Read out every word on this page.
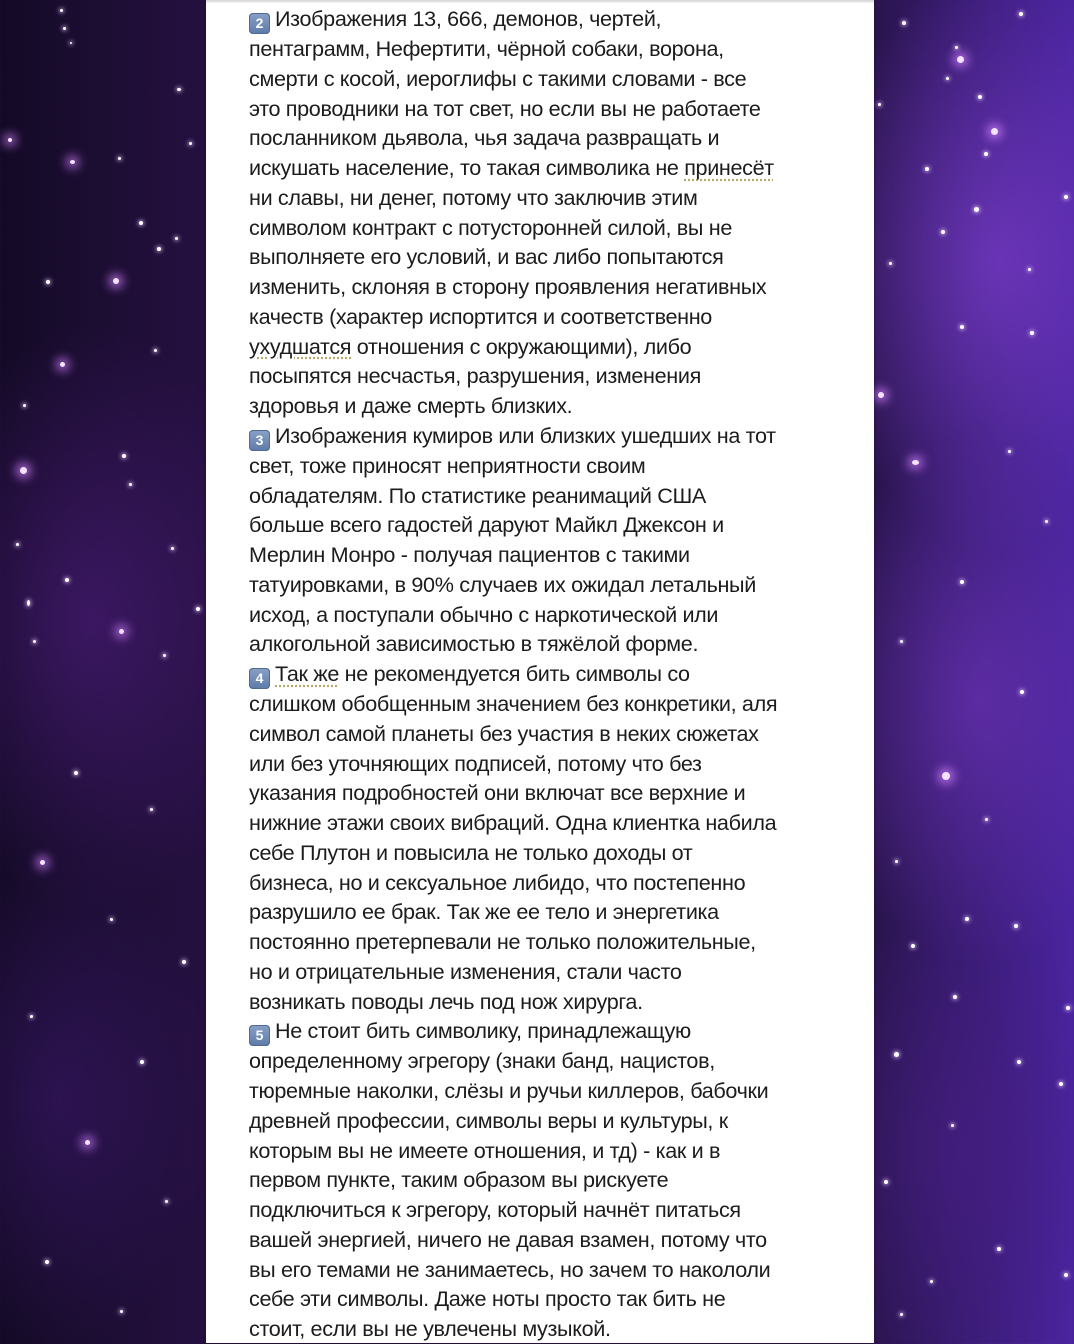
2 Изображения 13, 666, демонов, чертей,
пентаграмм, Нефертити, чёрной собаки, ворона,
смерти с косой, иероглифы с такими словами - все
это проводники на тот свет, но если вы не работаете
посланником дьявола, чья задача развращать и
искушать население, то такая символика не принесёт
ни славы, ни денег, потому что заключив этим
символом контракт с потусторонней силой, вы не
выполняете его условий, и вас либо попытаются
изменить, склоняя в сторону проявления негативных
качеств (характер испортится и соответственно
ухудшатся отношения с окружающими), либо
посыпятся несчастья, разрушения, изменения
здоровья и даже смерть близких.
3 Изображения кумиров или близких ушедших на тот
свет, тоже приносят неприятности своим
обладателям. По статистике реанимаций США
больше всего гадостей даруют Майкл Джексон и
Мерлин Монро - получая пациентов с такими
татуировками, в 90% случаев их ожидал летальный
исход, а поступали обычно с наркотической или
алкогольной зависимостью в тяжёлой форме.
4 Так же не рекомендуется бить символы со
слишком обобщенным значением без конкретики, аля
символ самой планеты без участия в неких сюжетах
или без уточняющих подписей, потому что без
указания подробностей они включат все верхние и
нижние этажи своих вибраций. Одна клиентка набила
себе Плутон и повысила не только доходы от
бизнеса, но и сексуальное либидо, что постепенно
разрушило ее брак. Так же ее тело и энергетика
постоянно претерпевали не только положительные,
но и отрицательные изменения, стали часто
возникать поводы лечь под нож хирурга.
5 Не стоит бить символику, принадлежащую
определенному эгрегору (знаки банд, нацистов,
тюремные наколки, слёзы и ручьи киллеров, бабочки
древней профессии, символы веры и культуры, к
которым вы не имеете отношения, и тд) - как и в
первом пункте, таким образом вы рискуете
подключиться к эгрегору, который начнёт питаться
вашей энергией, ничего не давая взамен, потому что
вы его темами не занимаетесь, но зачем то накололи
себе эти символы. Даже ноты просто так бить не
стоит, если вы не увлечены музыкой.
